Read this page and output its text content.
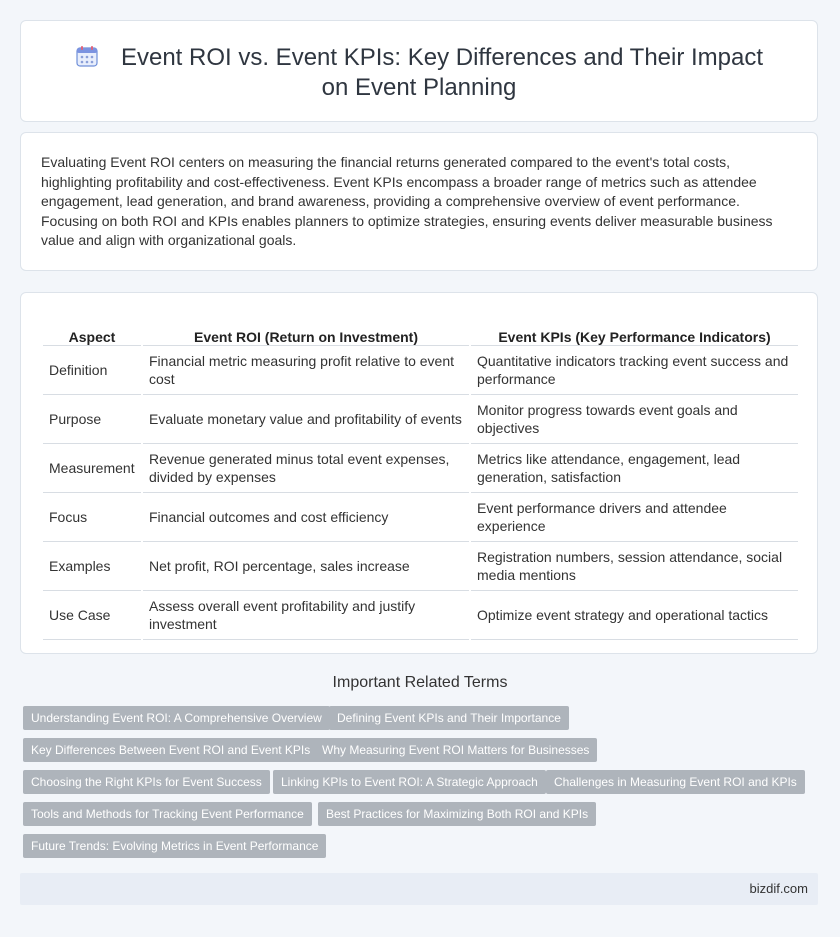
Event ROI vs. Event KPIs: Key Differences and Their Impact on Event Planning
Evaluating Event ROI centers on measuring the financial returns generated compared to the event's total costs, highlighting profitability and cost-effectiveness. Event KPIs encompass a broader range of metrics such as attendee engagement, lead generation, and brand awareness, providing a comprehensive overview of event performance. Focusing on both ROI and KPIs enables planners to optimize strategies, ensuring events deliver measurable business value and align with organizational goals.
Aspect	Event ROI (Return on Investment)	Event KPIs (Key Performance Indicators)
Definition	Financial metric measuring profit relative to event cost	Quantitative indicators tracking event success and performance
Purpose	Evaluate monetary value and profitability of events	Monitor progress towards event goals and objectives
Measurement	Revenue generated minus total event expenses, divided by expenses	Metrics like attendance, engagement, lead generation, satisfaction
Focus	Financial outcomes and cost efficiency	Event performance drivers and attendee experience
Examples	Net profit, ROI percentage, sales increase	Registration numbers, session attendance, social media mentions
Use Case	Assess overall event profitability and justify investment	Optimize event strategy and operational tactics
Important Related Terms
Understanding Event ROI: A Comprehensive Overview	Defining Event KPIs and Their Importance
Key Differences Between Event ROI and Event KPIs Why Measuring Event ROI Matters for Businesses
Choosing the Right KPIs for Event Success	Linking KPIs to Event ROI: A Strategic Approach	Challenges in Measuring Event ROI and KPIs
Tools and Methods for Tracking Event Performance	Best Practices for Maximizing Both ROI and KPIs
Future Trends: Evolving Metrics in Event Performance
bizdif.com
